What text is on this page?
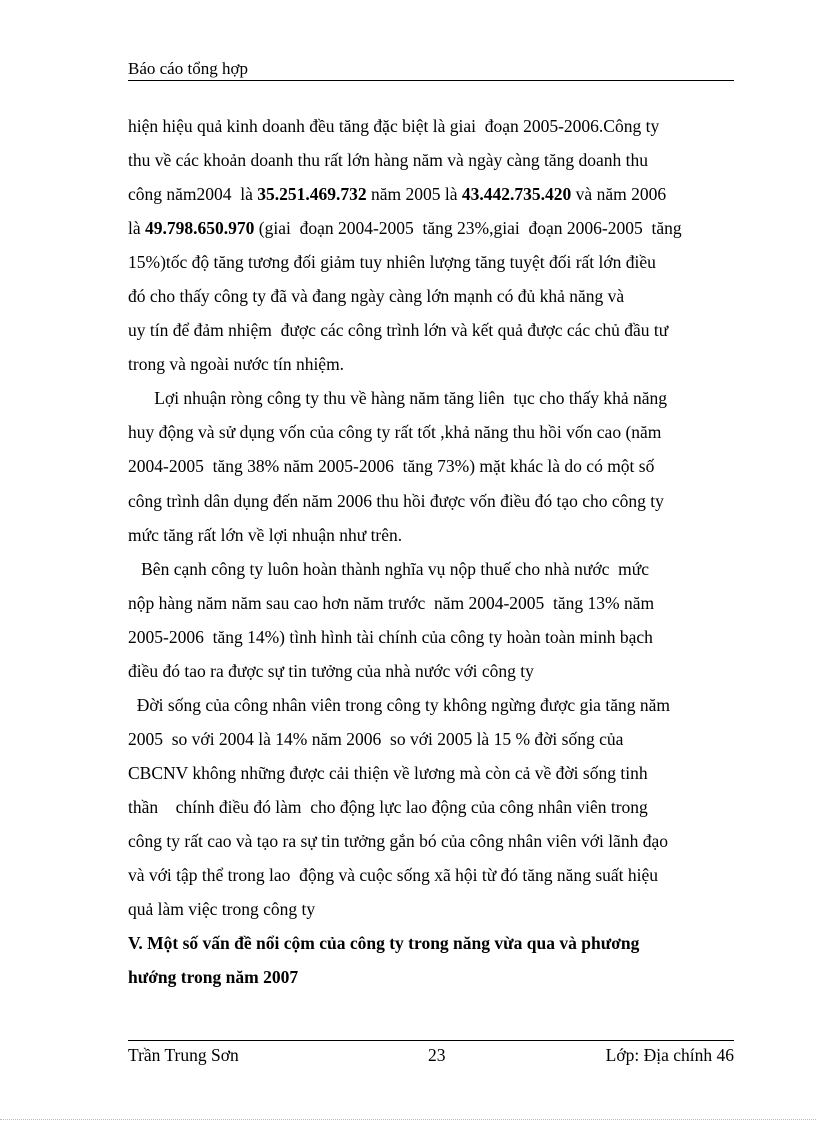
Báo cáo tổng hợp
hiện hiệu quả kinh doanh đều tăng đặc biệt là giai  đoạn 2005-2006.Công ty
thu về các khoản doanh thu rất lớn hàng năm và ngày càng tăng doanh thu
công năm2004  là 35.251.469.732 năm 2005 là 43.442.735.420 và năm 2006
là 49.798.650.970 (giai  đoạn 2004-2005  tăng 23%,giai  đoạn 2006-2005  tăng
15%)tốc độ tăng tương đối giảm tuy nhiên lượng tăng tuyệt đối rất lớn điều
đó cho thấy công ty đã và đang ngày càng lớn mạnh có đủ khả năng và
uy tín để đảm nhiệm  được các công trình lớn và kết quả được các chủ đầu tư
trong và ngoài nước tín nhiệm.
Lợi nhuận ròng công ty thu về hàng năm tăng liên  tục cho thấy khả năng
huy động và sử dụng vốn của công ty rất tốt ,khả năng thu hồi vốn cao (năm
2004-2005  tăng 38% năm 2005-2006  tăng 73%) mặt khác là do có một số
công trình dân dụng đến năm 2006 thu hồi được vốn điều đó tạo cho công ty
mức tăng rất lớn về lợi nhuận như trên.
Bên cạnh công ty luôn hoàn thành nghĩa vụ nộp thuế cho nhà nước  mức
nộp hàng năm năm sau cao hơn năm trước  năm 2004-2005  tăng 13% năm
2005-2006  tăng 14%) tình hình tài chính của công ty hoàn toàn minh bạch
điều đó tao ra được sự tin tưởng của nhà nước với công ty
Đời sống của công nhân viên trong công ty không ngừng được gia tăng năm
2005  so với 2004 là 14% năm 2006  so với 2005 là 15 % đời sống của
CBCNV không những được cải thiện về lương mà còn cả về đời sống tinh
thần    chính điều đó làm  cho động lực lao động của công nhân viên trong
công ty rất cao và tạo ra sự tin tưởng gắn bó của công nhân viên với lãnh đạo
và với tập thể trong lao  động và cuộc sống xã hội từ đó tăng năng suất hiệu
quả làm việc trong công ty
V. Một số vấn đề nổi cộm của công ty trong năng vừa qua và phương
hướng trong năm 2007
Trần Trung Sơn	23	Lớp: Địa chính 46
